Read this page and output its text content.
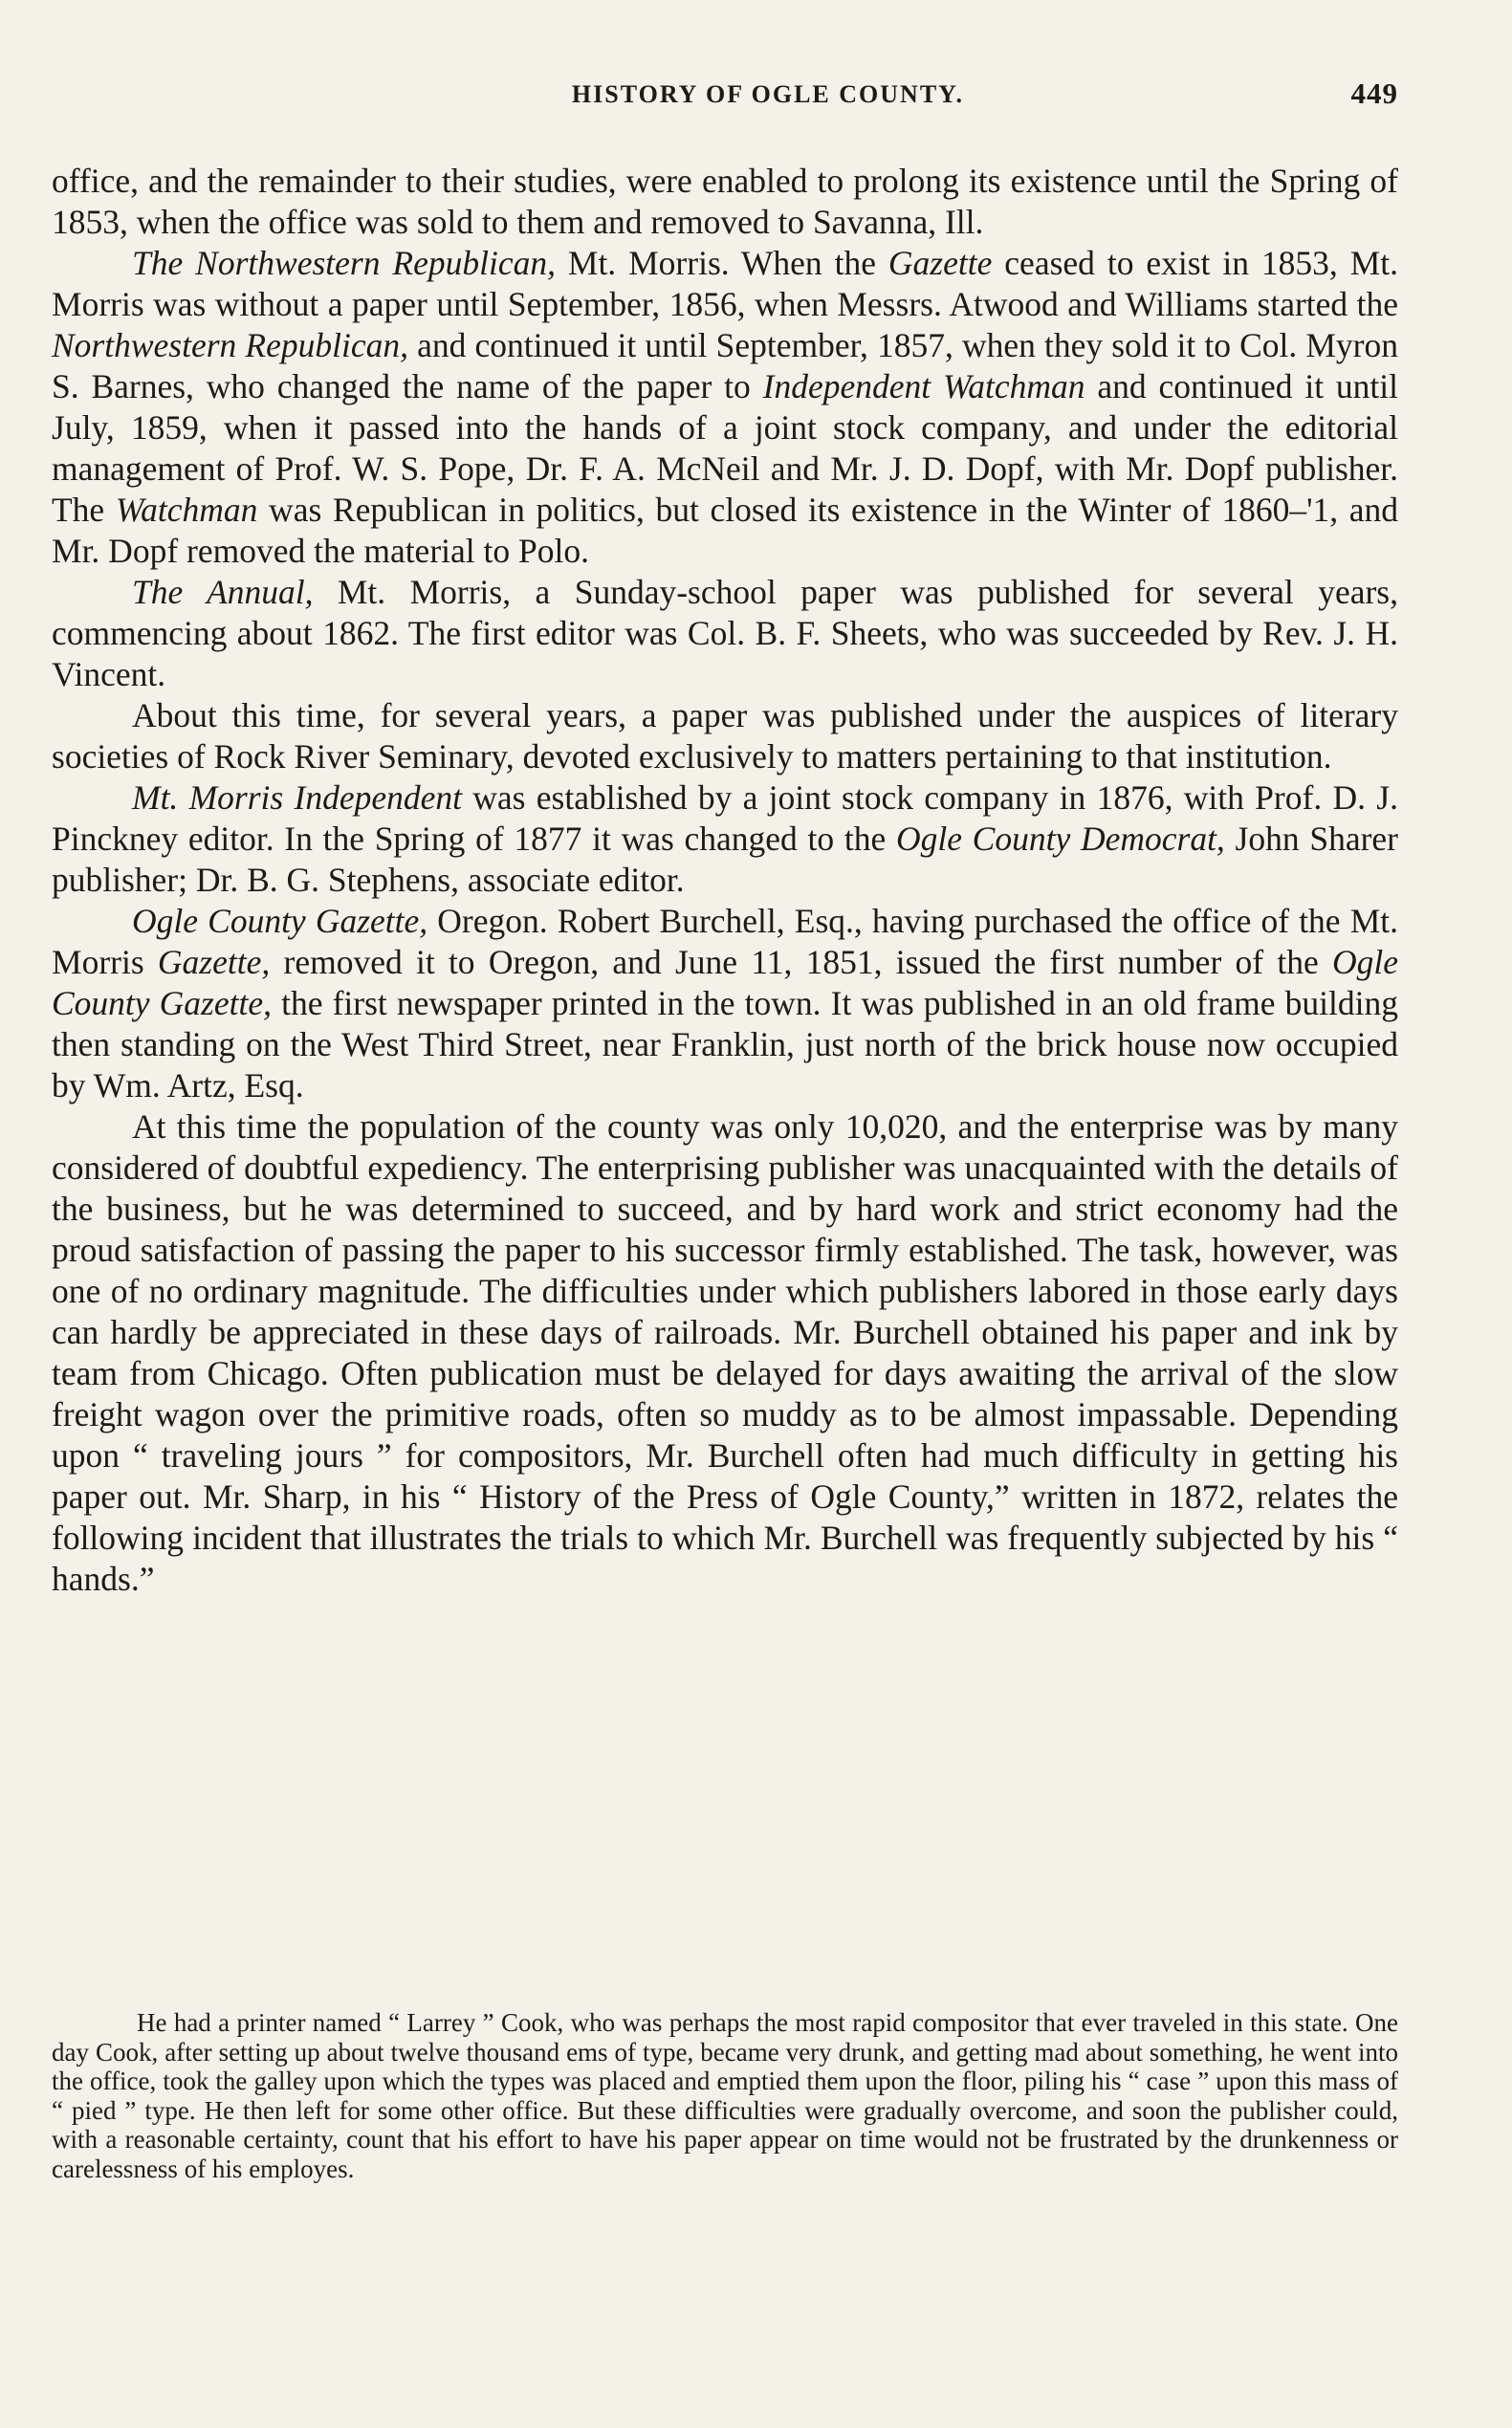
HISTORY OF OGLE COUNTY.	449

office, and the remainder to their studies, were enabled to prolong its existence until the Spring of 1853, when the office was sold to them and removed to Savanna, Ill.

The Northwestern Republican, Mt. Morris. When the Gazette ceased to exist in 1853, Mt. Morris was without a paper until September, 1856, when Messrs. Atwood and Williams started the Northwestern Republican, and continued it until September, 1857, when they sold it to Col. Myron S. Barnes, who changed the name of the paper to Independent Watchman and continued it until July, 1859, when it passed into the hands of a joint stock company, and under the editorial management of Prof. W. S. Pope, Dr. F. A. McNeil and Mr. J. D. Dopf, with Mr. Dopf publisher. The Watchman was Republican in politics, but closed its existence in the Winter of 1860–'1, and Mr. Dopf removed the material to Polo.

The Annual, Mt. Morris, a Sunday-school paper was published for several years, commencing about 1862. The first editor was Col. B. F. Sheets, who was succeeded by Rev. J. H. Vincent.

About this time, for several years, a paper was published under the auspices of literary societies of Rock River Seminary, devoted exclusively to matters pertaining to that institution.

Mt. Morris Independent was established by a joint stock company in 1876, with Prof. D. J. Pinckney editor. In the Spring of 1877 it was changed to the Ogle County Democrat, John Sharer publisher; Dr. B. G. Stephens, associate editor.

Ogle County Gazette, Oregon. Robert Burchell, Esq., having purchased the office of the Mt. Morris Gazette, removed it to Oregon, and June 11, 1851, issued the first number of the Ogle County Gazette, the first newspaper printed in the town. It was published in an old frame building then standing on the West Third Street, near Franklin, just north of the brick house now occupied by Wm. Artz, Esq.

At this time the population of the county was only 10,020, and the enterprise was by many considered of doubtful expediency. The enterprising publisher was unacquainted with the details of the business, but he was determined to succeed, and by hard work and strict economy had the proud satisfaction of passing the paper to his successor firmly established. The task, however, was one of no ordinary magnitude. The difficulties under which publishers labored in those early days can hardly be appreciated in these days of railroads. Mr. Burchell obtained his paper and ink by team from Chicago. Often publication must be delayed for days awaiting the arrival of the slow freight wagon over the primitive roads, often so muddy as to be almost impassable. Depending upon “ traveling jours ” for compositors, Mr. Burchell often had much difficulty in getting his paper out. Mr. Sharp, in his “ History of the Press of Ogle County,” written in 1872, relates the following incident that illustrates the trials to which Mr. Burchell was frequently subjected by his “ hands.”

He had a printer named “ Larrey ” Cook, who was perhaps the most rapid compositor that ever traveled in this state. One day Cook, after setting up about twelve thousand ems of type, became very drunk, and getting mad about something, he went into the office, took the galley upon which the types was placed and emptied them upon the floor, piling his “ case ” upon this mass of “ pied ” type. He then left for some other office. But these difficulties were gradually overcome, and soon the publisher could, with a reasonable certainty, count that his effort to have his paper appear on time would not be frustrated by the drunkenness or carelessness of his employes.
